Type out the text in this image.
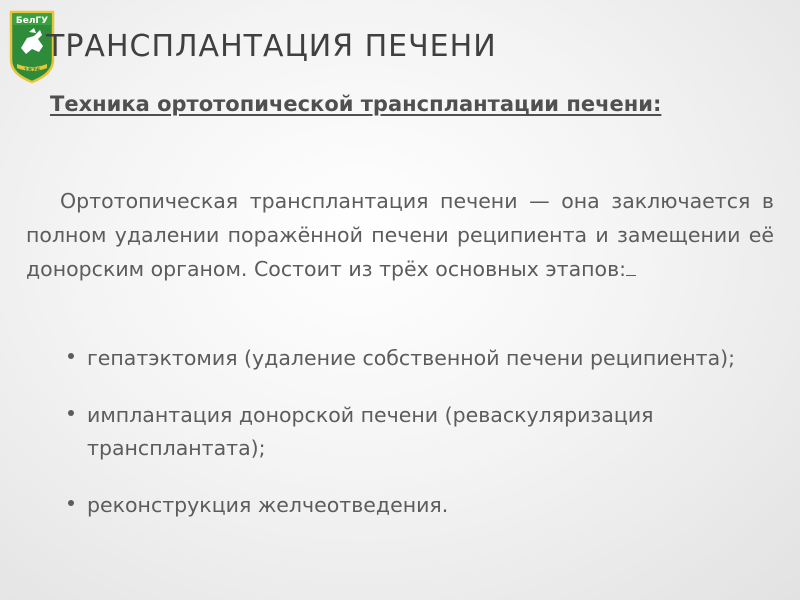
БелГУ
1876
ТРАНСПЛАНТАЦИЯ ПЕЧЕНИ

Техника ортотопической трансплантации печени:

Ортотопическая трансплантация печени — она заключается в полном удалении поражённой печени реципиента и замещении её донорским органом. Состоит из трёх основных этапов:

гепатэктомия (удаление собственной печени реципиента);
имплантация донорской печени (реваскуляризация трансплантата);
реконструкция желчеотведения.
